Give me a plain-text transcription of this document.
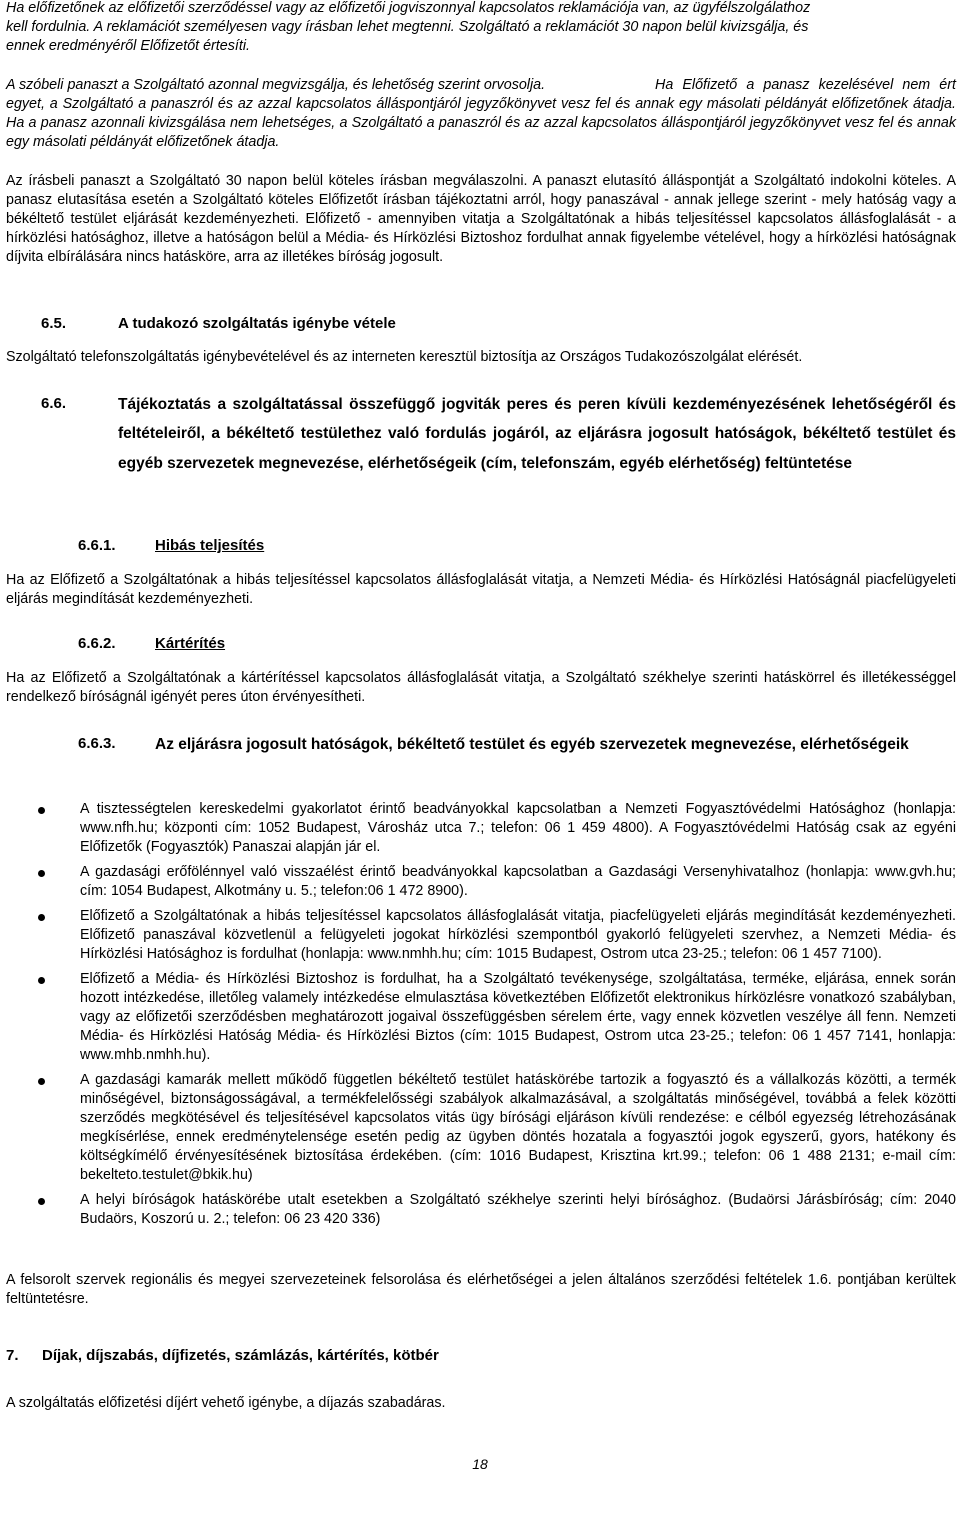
Ha előfizetőnek az előfizetői szerződéssel vagy az előfizetői jogviszonnyal kapcsolatos reklamációja van, az ügyfélszolgálathoz

kell fordulnia. A reklamációt személyesen vagy írásban lehet megtenni. Szolgáltató a reklamációt 30 napon belül kivizsgálja, és

ennek eredményéről Előfizetőt értesíti.

A szóbeli panaszt a Szolgáltató azonnal megvizsgálja, és lehetőség szerint orvosolja.	Ha Előfizető a panasz kezelésével nem ért egyet, a Szolgáltató a panaszról és az azzal kapcsolatos álláspontjáról jegyzőkönyvet vesz fel és annak egy másolati példányát előfizetőnek átadja. Ha a panasz azonnali kivizsgálása nem lehetséges, a Szolgáltató a panaszról és az azzal kapcsolatos álláspontjáról jegyzőkönyvet vesz fel és annak egy másolati példányát előfizetőnek átadja.

Az írásbeli panaszt a Szolgáltató 30 napon belül köteles írásban megválaszolni. A panaszt elutasító álláspontját a Szolgáltató indokolni köteles. A panasz elutasítása esetén a Szolgáltató köteles Előfizetőt írásban tájékoztatni arról, hogy panaszával - annak jellege szerint - mely hatóság vagy a békéltető testület eljárását kezdeményezheti. Előfizető - amennyiben vitatja a Szolgáltatónak a hibás teljesítéssel kapcsolatos állásfoglalását - a hírközlési hatósághoz, illetve a hatóságon belül a Média- és Hírközlési Biztoshoz fordulhat annak figyelembe vételével, hogy a hírközlési hatóságnak díjvita elbírálására nincs hatásköre, arra az illetékes bíróság jogosult.

6.5.	A tudakozó szolgáltatás igénybe vétele

Szolgáltató telefonszolgáltatás igénybevételével és az interneten keresztül biztosítja az Országos Tudakozószolgálat elérését.

6.6.	Tájékoztatás a szolgáltatással összefüggő jogviták peres és peren kívüli kezdeményezésének lehetőségéről és feltételeiről, a békéltető testülethez való fordulás jogáról, az eljárásra jogosult hatóságok, békéltető testület és egyéb szervezetek megnevezése, elérhetőségeik (cím, telefonszám, egyéb elérhetőség) feltüntetése

6.6.1.	Hibás teljesítés

Ha az Előfizető a Szolgáltatónak a hibás teljesítéssel kapcsolatos állásfoglalását vitatja, a Nemzeti Média- és Hírközlési Hatóságnál piacfelügyeleti eljárás megindítását kezdeményezheti.

6.6.2.	Kártérítés

Ha az Előfizető a Szolgáltatónak a kártérítéssel kapcsolatos állásfoglalását vitatja, a Szolgáltató székhelye szerinti hatáskörrel és illetékességgel rendelkező bíróságnál igényét peres úton érvényesítheti.

6.6.3.	Az eljárásra jogosult hatóságok, békéltető testület és egyéb szervezetek megnevezése, elérhetőségeik

A tisztességtelen kereskedelmi gyakorlatot érintő beadványokkal kapcsolatban a Nemzeti Fogyasztóvédelmi Hatósághoz (honlapja: www.nfh.hu; központi cím: 1052 Budapest, Városház utca 7.; telefon: 06 1 459 4800). A Fogyasztóvédelmi Hatóság csak az egyéni Előfizetők (Fogyasztók) Panaszai alapján jár el.
A gazdasági erőfölénnyel való visszaélést érintő beadványokkal kapcsolatban a Gazdasági Versenyhivatalhoz (honlapja: www.gvh.hu; cím: 1054 Budapest, Alkotmány u. 5.; telefon:06 1 472 8900).
Előfizető a Szolgáltatónak a hibás teljesítéssel kapcsolatos állásfoglalását vitatja, piacfelügyeleti eljárás megindítását kezdeményezheti. Előfizető panaszával közvetlenül a felügyeleti jogokat hírközlési szempontból gyakorló felügyeleti szervhez, a Nemzeti Média- és Hírközlési Hatósághoz is fordulhat (honlapja: www.nmhh.hu; cím: 1015 Budapest, Ostrom utca 23-25.; telefon: 06 1 457 7100).
Előfizető a Média- és Hírközlési Biztoshoz is fordulhat, ha a Szolgáltató tevékenysége, szolgáltatása, terméke, eljárása, ennek során hozott intézkedése, illetőleg valamely intézkedése elmulasztása következtében Előfizetőt elektronikus hírközlésre vonatkozó szabályban, vagy az előfizetői szerződésben meghatározott jogaival összefüggésben sérelem érte, vagy ennek közvetlen veszélye áll fenn. Nemzeti Média- és Hírközlési Hatóság Média- és Hírközlési Biztos (cím: 1015 Budapest, Ostrom utca 23-25.; telefon: 06 1 457 7141, honlapja: www.mhb.nmhh.hu).
A gazdasági kamarák mellett működő független békéltető testület hatáskörébe tartozik a fogyasztó és a vállalkozás közötti, a termék minőségével, biztonságosságával, a termékfelelősségi szabályok alkalmazásával, a szolgáltatás minőségével, továbbá a felek közötti szerződés megkötésével és teljesítésével kapcsolatos vitás ügy bírósági eljáráson kívüli rendezése: e célból egyezség létrehozásának megkísérlése, ennek eredménytelensége esetén pedig az ügyben döntés hozatala a fogyasztói jogok egyszerű, gyors, hatékony és költségkímélő érvényesítésének biztosítása érdekében. (cím: 1016 Budapest, Krisztina krt.99.; telefon: 06 1 488 2131; e-mail cím: bekelteto.testulet@bkik.hu)
A helyi bíróságok hatáskörébe utalt esetekben a Szolgáltató székhelye szerinti helyi bírósághoz. (Budaörsi Járásbíróság; cím: 2040 Budaörs, Koszorú u. 2.; telefon: 06 23 420 336)

A felsorolt szervek regionális és megyei szervezeteinek felsorolása és elérhetőségei a jelen általános szerződési feltételek 1.6. pontjában kerültek feltüntetésre.

7. Díjak, díjszabás, díjfizetés, számlázás, kártérítés, kötbér

A szolgáltatás előfizetési díjért vehető igénybe, a díjazás szabadáras.

18
